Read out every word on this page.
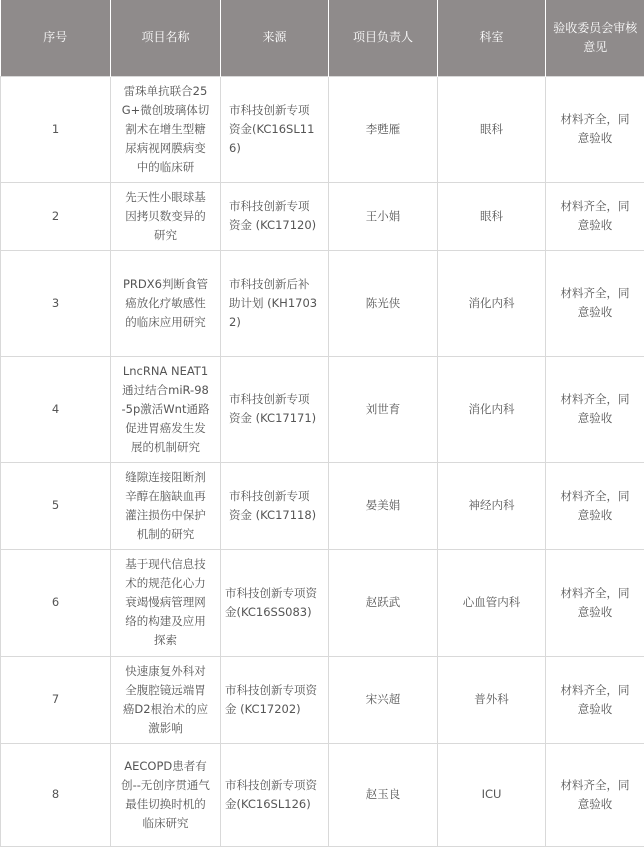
序号	项目名称	来源	项目负责人	科室	验收委员会审核意见
1	雷珠单抗联合25G+微创玻璃体切割术在增生型糖尿病视网膜病变中的临床研	市科技创新专项资金(KC16SL116)	李甦雁	眼科	材料齐全，同意验收
2	先天性小眼球基因拷贝数变异的研究	市科技创新专项资金 (KC17120)	王小娟	眼科	材料齐全，同意验收
3	PRDX6判断食管癌放化疗敏感性的临床应用研究	市科技创新后补助计划 (KH17032)	陈光侠	消化内科	材料齐全，同意验收
4	LncRNA NEAT1通过结合miR-98-5p激活Wnt通路促进胃癌发生发展的机制研究	市科技创新专项资金 (KC17171)	刘世育	消化内科	材料齐全，同意验收
5	缝隙连接阻断剂辛醇在脑缺血再灌注损伤中保护机制的研究	市科技创新专项资金 (KC17118)	晏美娟	神经内科	材料齐全，同意验收
6	基于现代信息技术的规范化心力衰竭慢病管理网络的构建及应用探索	市科技创新专项资金(KC16SS083)	赵跃武	心血管内科	材料齐全，同意验收
7	快速康复外科对全腹腔镜远端胃癌D2根治术的应激影响	市科技创新专项资金 (KC17202)	宋兴超	普外科	材料齐全，同意验收
8	AECOPD患者有创--无创序贯通气最佳切换时机的临床研究	市科技创新专项资金(KC16SL126)	赵玉良	ICU	材料齐全，同意验收
